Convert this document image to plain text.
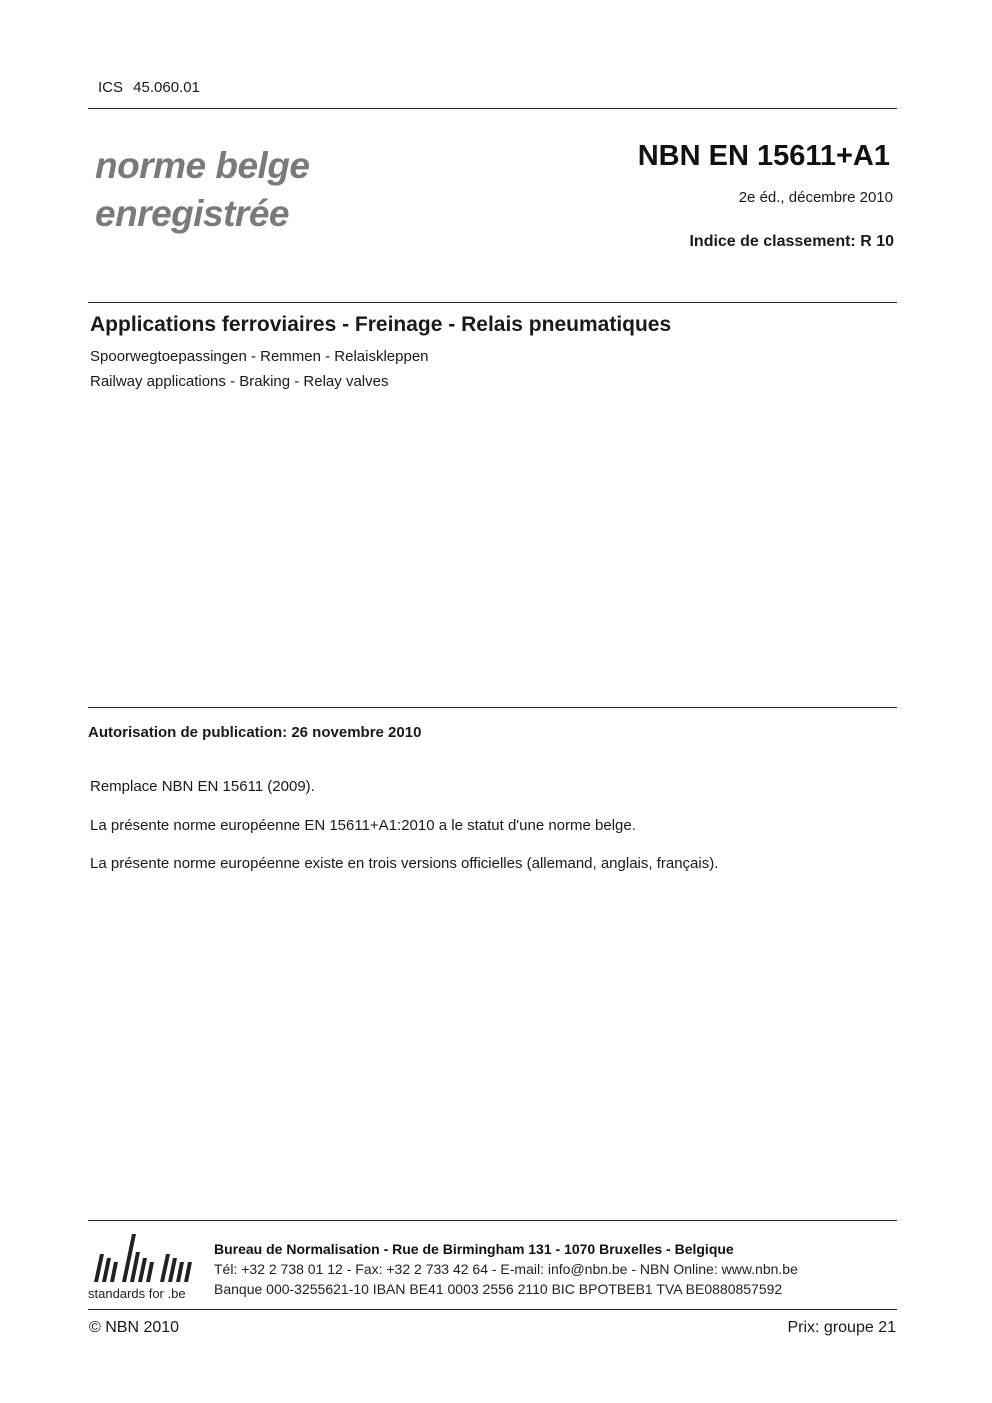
ICS 45.060.01
norme belge
enregistrée
NBN EN 15611+A1
2e éd., décembre 2010
Indice de classement: R 10
Applications ferroviaires - Freinage - Relais pneumatiques
Spoorwegtoepassingen - Remmen - Relaiskleppen
Railway applications - Braking - Relay valves
Autorisation de publication: 26 novembre 2010
Remplace NBN EN 15611 (2009).
La présente norme européenne EN 15611+A1:2010 a le statut d'une norme belge.
La présente norme européenne existe en trois versions officielles (allemand, anglais, français).
standards for .be
Bureau de Normalisation - Rue de Birmingham 131 - 1070 Bruxelles - Belgique
Tél: +32 2 738 01 12 - Fax: +32 2 733 42 64 - E-mail: info@nbn.be - NBN Online: www.nbn.be
Banque 000-3255621-10 IBAN BE41 0003 2556 2110 BIC BPOTBEB1 TVA BE0880857592
© NBN 2010	Prix: groupe 21
